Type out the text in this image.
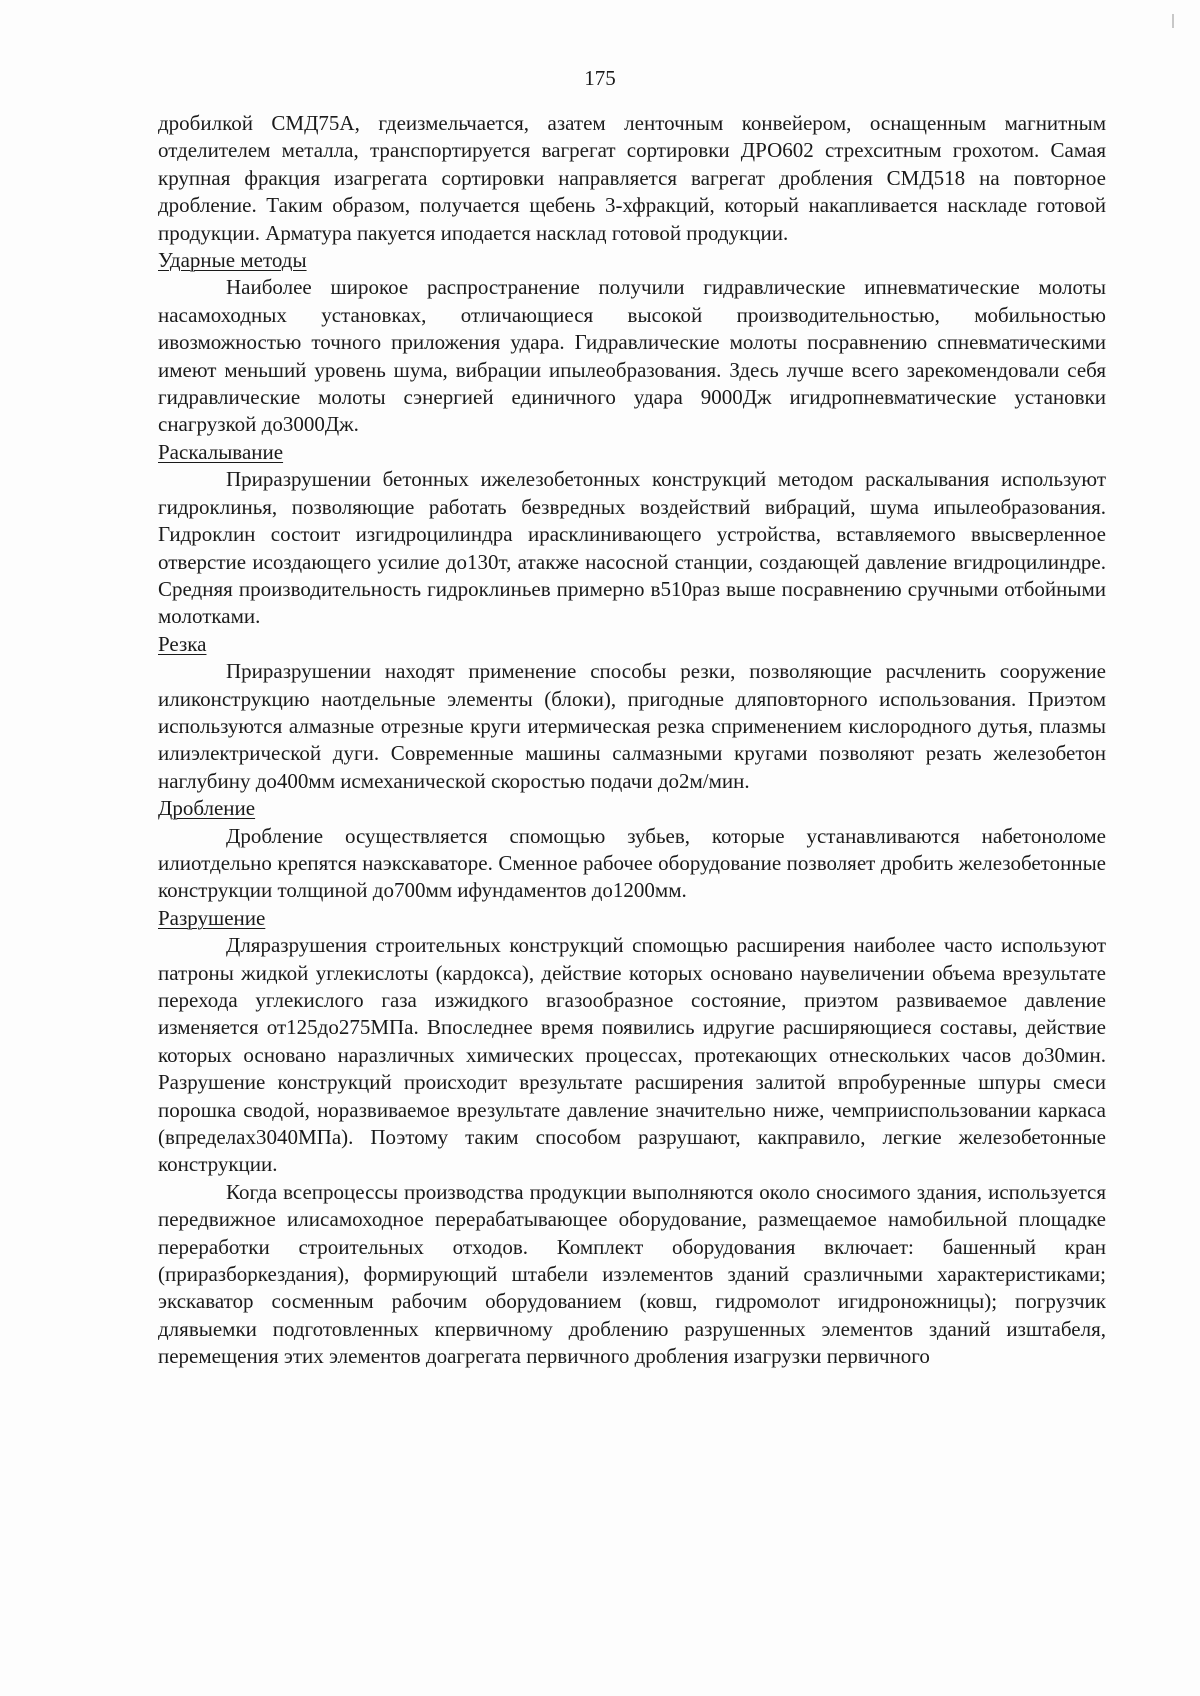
175

дробилкой СМД75А, гдеизмельчается, азатем ленточным конвейером, оснащенным магнитным отделителем металла, транспортируется вагрегат сортировки ДРО602 стрехситным грохотом. Самая крупная фракция изагрегата сортировки направляется вагрегат дробления СМД518 на повторное дробление. Таким образом, получается щебень 3-хфракций, который накапливается наскладе готовой продукции. Арматура пакуется иподается насклад готовой продукции.

Ударные методы

Наиболее широкое распространение получили гидравлические ипневматические молоты насамоходных установках, отличающиеся высокой производительностью, мобильностью ивозможностью точного приложения удара. Гидравлические молоты посравнению спневматическими имеют меньший уровень шума, вибрации ипылеобразования. Здесь лучше всего зарекомендовали себя гидравлические молоты сэнергией единичного удара 9000Дж игидропневматические установки снагрузкой до3000Дж.

Раскалывание

Приразрушении бетонных ижелезобетонных конструкций методом раскалывания используют гидроклинья, позволяющие работать безвредных воздействий вибраций, шума ипылеобразования. Гидроклин состоит изгидроцилиндра ирасклинивающего устройства, вставляемого ввысверленное отверстие исоздающего усилие до130т, атакже насосной станции, создающей давление вгидроцилиндре. Средняя производительность гидроклиньев примерно в510раз выше посравнению сручными отбойными молотками.

Резка

Приразрушении находят применение способы резки, позволяющие расчленить сооружение иликонструкцию наотдельные элементы (блоки), пригодные дляповторного использования. Приэтом используются алмазные отрезные круги итермическая резка сприменением кислородного дутья, плазмы илиэлектрической дуги. Современные машины салмазными кругами позволяют резать железобетон наглубину до400мм исмеханической скоростью подачи до2м/мин.

Дробление

Дробление осуществляется спомощью зубьев, которые устанавливаются набетоноломе илиотдельно крепятся наэкскаваторе. Сменное рабочее оборудование позволяет дробить железобетонные конструкции толщиной до700мм ифундаментов до1200мм.

Разрушение

Дляразрушения строительных конструкций спомощью расширения наиболее часто используют патроны жидкой углекислоты (кардокса), действие которых основано наувеличении объема врезультате перехода углекислого газа изжидкого вгазообразное состояние, приэтом развиваемое давление изменяется от125до275МПа. Впоследнее время появились идругие расширяющиеся составы, действие которых основано наразличных химических процессах, протекающих отнескольких часов до30мин. Разрушение конструкций происходит врезультате расширения залитой впробуренные шпуры смеси порошка сводой, норазвиваемое врезультате давление значительно ниже, чемприиспользовании каркаса (впределах3040МПа). Поэтому таким способом разрушают, какправило, легкие железобетонные конструкции.

Когда всепроцессы производства продукции выполняются около сносимого здания, используется передвижное илисамоходное перерабатывающее оборудование, размещаемое намобильной площадке переработки строительных отходов. Комплект оборудования включает: башенный кран (приразборкездания), формирующий штабели изэлементов зданий сразличными характеристиками; экскаватор сосменным рабочим оборудованием (ковш, гидромолот игидроножницы); погрузчик длявыемки подготовленных кпервичному дроблению разрушенных элементов зданий изштабеля, перемещения этих элементов доагрегата первичного дробления изагрузки первичного
